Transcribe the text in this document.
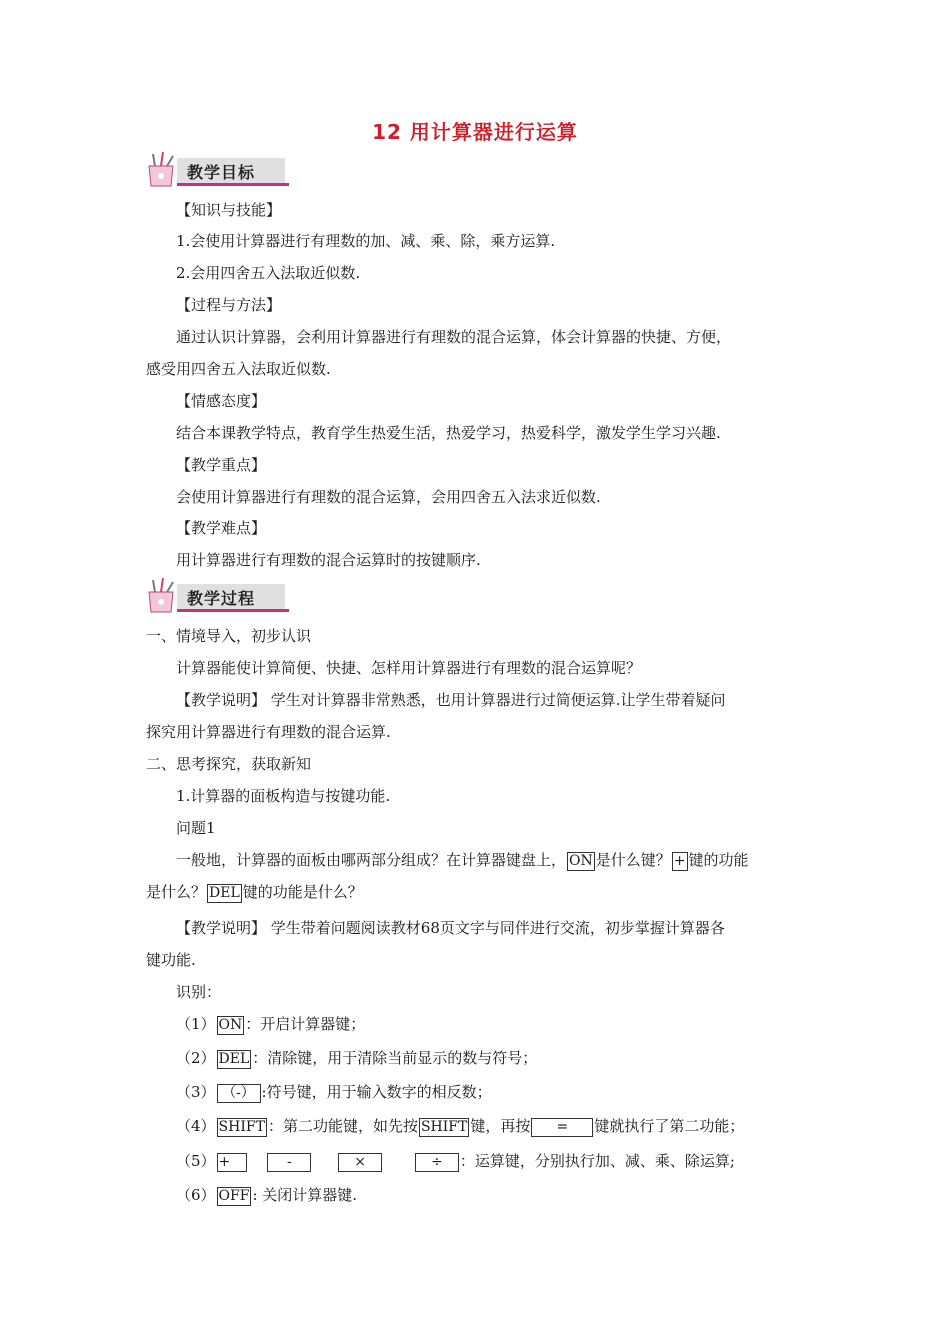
12 用计算器进行运算
教学目标
【知识与技能】
1.会使用计算器进行有理数的加、减、乘、除，乘方运算.
2.会用四舍五入法取近似数.
【过程与方法】
通过认识计算器，会利用计算器进行有理数的混合运算，体会计算器的快捷、方便，
感受用四舍五入法取近似数.
【情感态度】
结合本课教学特点，教育学生热爱生活，热爱学习，热爱科学，激发学生学习兴趣.
【教学重点】
会使用计算器进行有理数的混合运算，会用四舍五入法求近似数.
【教学难点】
用计算器进行有理数的混合运算时的按键顺序.
教学过程
一、情境导入，初步认识
计算器能使计算简便、快捷、怎样用计算器进行有理数的混合运算呢？
【教学说明】 学生对计算器非常熟悉，也用计算器进行过简便运算.让学生带着疑问
探究用计算器进行有理数的混合运算.
二、思考探究，获取新知
1.计算器的面板构造与按键功能.
问题1
一般地，计算器的面板由哪两部分组成？在计算器键盘上， ON 是什么键？ + 键的功能
是什么？ DEL 键的功能是什么？
【教学说明】 学生带着问题阅读教材68页文字与同伴进行交流，初步掌握计算器各
键功能.
识别：
（1） ON ：开启计算器键；
（2） DEL ：清除键，用于清除当前显示的数与符号；
（3） （-） :符号键，用于输入数字的相反数；
（4） SHIFT ：第二功能键，如先按 SHIFT 键，再按 = 键就执行了第二功能；
（5） +	-	×	÷ ：运算键，分别执行加、减、乘、除运算;
（6） OFF : 关闭计算器键.
